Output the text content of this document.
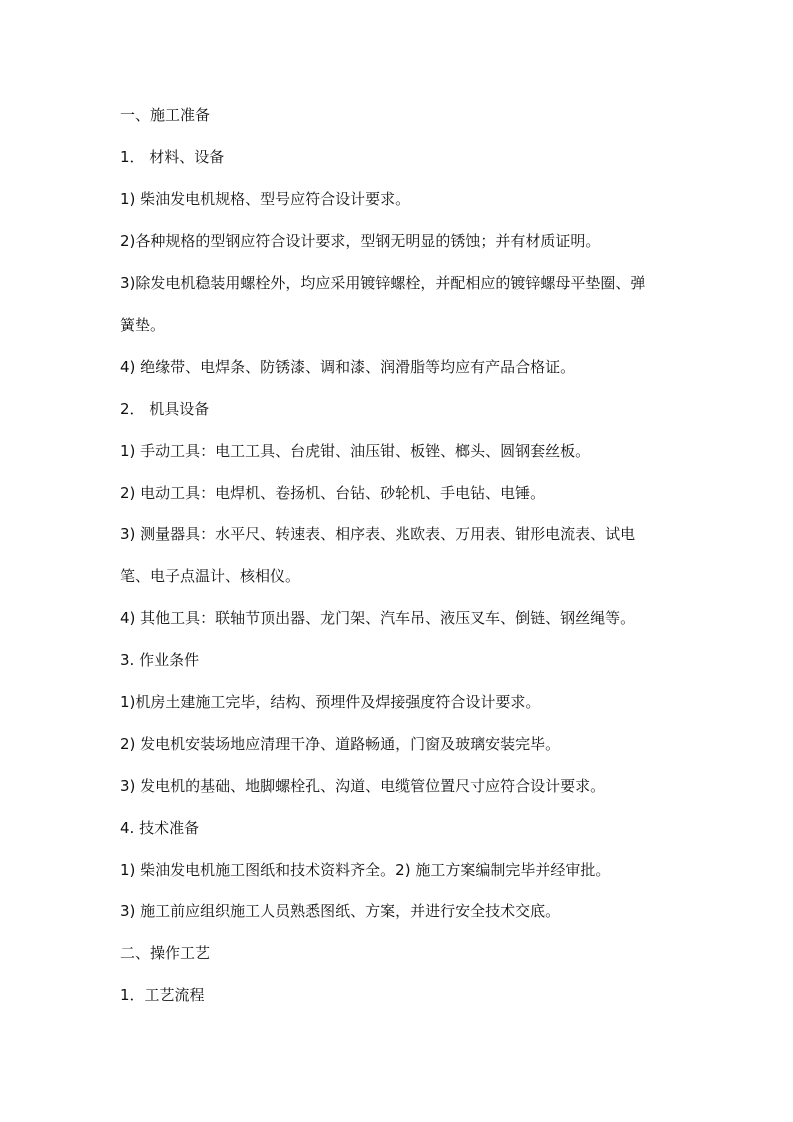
一、施工准备
1． 材料、设备
1) 柴油发电机规格、型号应符合设计要求。
2)各种规格的型钢应符合设计要求，型钢无明显的锈蚀；并有材质证明。
3)除发电机稳装用螺栓外，均应采用镀锌螺栓，并配相应的镀锌螺母平垫圈、弹
簧垫。
4) 绝缘带、电焊条、防锈漆、调和漆、润滑脂等均应有产品合格证。
2． 机具设备
1) 手动工具：电工工具、台虎钳、油压钳、板锉、榔头、圆钢套丝板。
2) 电动工具：电焊机、卷扬机、台钻、砂轮机、手电钻、电锤。
3) 测量器具：水平尺、转速表、相序表、兆欧表、万用表、钳形电流表、试电
笔、电子点温计、核相仪。
4) 其他工具：联轴节顶出器、龙门架、汽车吊、液压叉车、倒链、钢丝绳等。
3. 作业条件
1)机房土建施工完毕，结构、预埋件及焊接强度符合设计要求。
2) 发电机安装场地应清理干净、道路畅通，门窗及玻璃安装完毕。
3) 发电机的基础、地脚螺栓孔、沟道、电缆管位置尺寸应符合设计要求。
4. 技术准备
1) 柴油发电机施工图纸和技术资料齐全。2) 施工方案编制完毕并经审批。
3) 施工前应组织施工人员熟悉图纸、方案，并进行安全技术交底。
二、操作工艺
1．工艺流程
